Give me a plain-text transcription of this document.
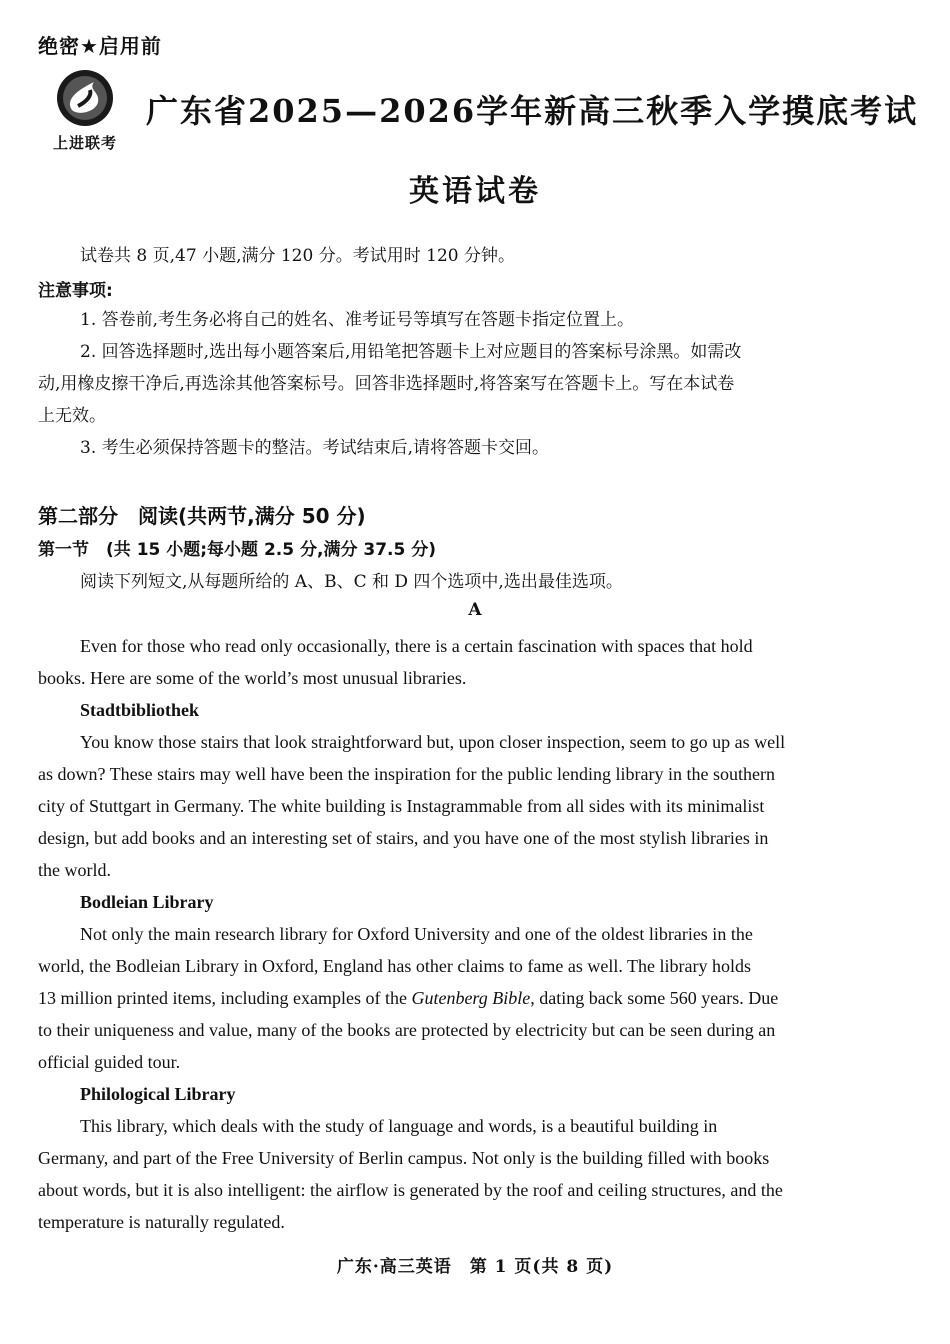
绝密★启用前
上进联考
广东省2025—2026学年新高三秋季入学摸底考试
英语试卷
试卷共 8 页,47 小题,满分 120 分。考试用时 120 分钟。
注意事项:
1. 答卷前,考生务必将自己的姓名、准考证号等填写在答题卡指定位置上。
2. 回答选择题时,选出每小题答案后,用铅笔把答题卡上对应题目的答案标号涂黑。如需改
动,用橡皮擦干净后,再选涂其他答案标号。回答非选择题时,将答案写在答题卡上。写在本试卷
上无效。
3. 考生必须保持答题卡的整洁。考试结束后,请将答题卡交回。
第二部分　阅读(共两节,满分 50 分)
第一节　(共 15 小题;每小题 2.5 分,满分 37.5 分)
阅读下列短文,从每题所给的 A、B、C 和 D 四个选项中,选出最佳选项。
A
Even for those who read only occasionally, there is a certain fascination with spaces that hold
books. Here are some of the world’s most unusual libraries.
Stadtbibliothek
You know those stairs that look straightforward but, upon closer inspection, seem to go up as well
as down? These stairs may well have been the inspiration for the public lending library in the southern
city of Stuttgart in Germany. The white building is Instagrammable from all sides with its minimalist
design, but add books and an interesting set of stairs, and you have one of the most stylish libraries in
the world.
Bodleian Library
Not only the main research library for Oxford University and one of the oldest libraries in the
world, the Bodleian Library in Oxford, England has other claims to fame as well. The library holds
13 million printed items, including examples of the Gutenberg Bible, dating back some 560 years. Due
to their uniqueness and value, many of the books are protected by electricity but can be seen during an
official guided tour.
Philological Library
This library, which deals with the study of language and words, is a beautiful building in
Germany, and part of the Free University of Berlin campus. Not only is the building filled with books
about words, but it is also intelligent: the airflow is generated by the roof and ceiling structures, and the
temperature is naturally regulated.
广东·高三英语　第 1 页(共 8 页)
